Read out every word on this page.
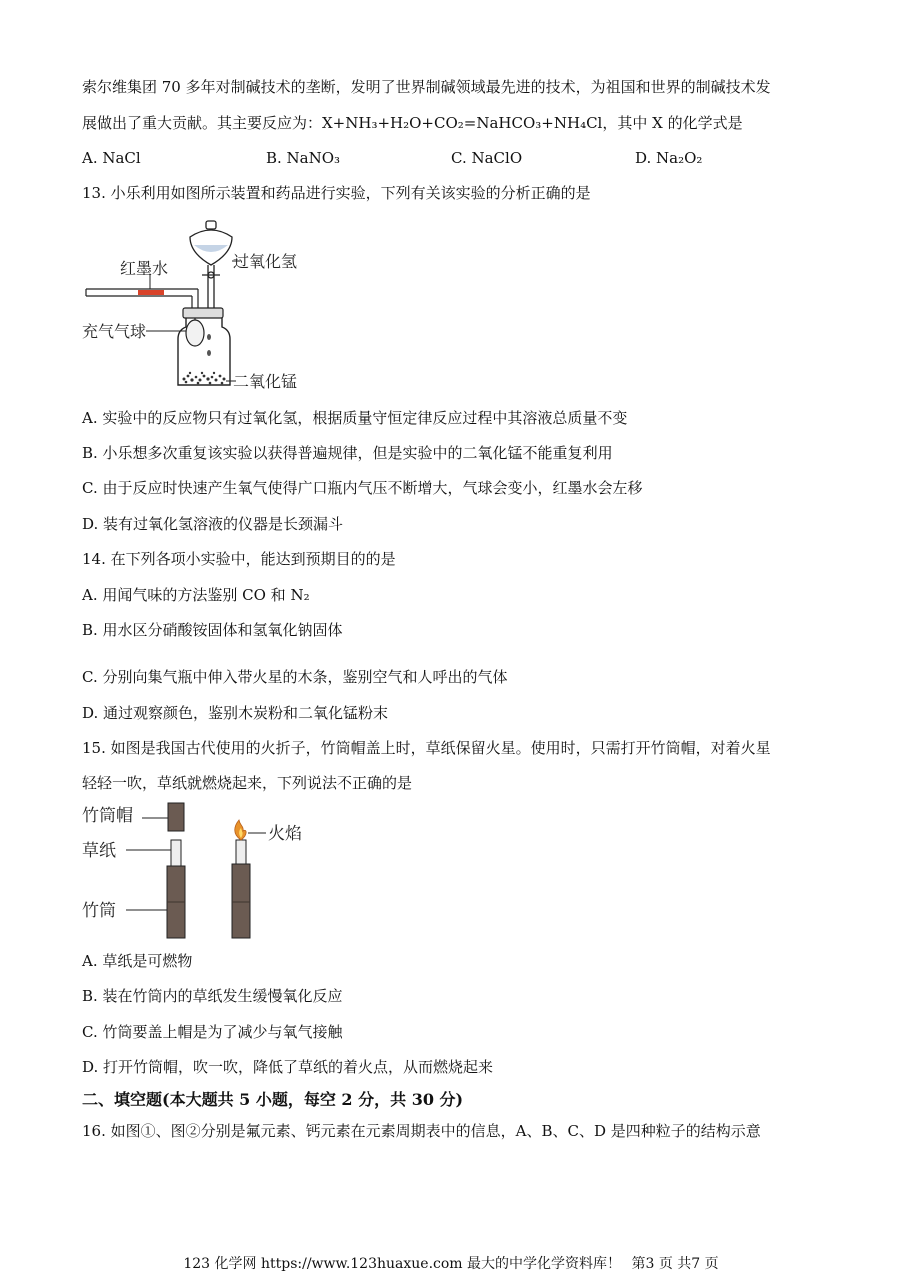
索尔维集团 70 多年对制碱技术的垄断，发明了世界制碱领域最先进的技术，为祖国和世界的制碱技术发
展做出了重大贡献。其主要反应为：X+NH₃+H₂O+CO₂=NaHCO₃+NH₄Cl，其中 X 的化学式是
A. NaCl	B. NaNO₃	C. NaClO	D. Na₂O₂
13. 小乐利用如图所示装置和药品进行实验，下列有关该实验的分析正确的是
红墨水	过氧化氢
充气气球
二氧化锰
A. 实验中的反应物只有过氧化氢，根据质量守恒定律反应过程中其溶液总质量不变
B. 小乐想多次重复该实验以获得普遍规律，但是实验中的二氧化锰不能重复利用
C. 由于反应时快速产生氧气使得广口瓶内气压不断增大，气球会变小，红墨水会左移
D. 装有过氧化氢溶液的仪器是长颈漏斗
14. 在下列各项小实验中，能达到预期目的的是
A. 用闻气味的方法鉴别 CO 和 N₂
B. 用水区分硝酸铵固体和氢氧化钠固体
C. 分别向集气瓶中伸入带火星的木条，鉴别空气和人呼出的气体
D. 通过观察颜色，鉴别木炭粉和二氧化锰粉末
15. 如图是我国古代使用的火折子，竹筒帽盖上时，草纸保留火星。使用时，只需打开竹筒帽，对着火星
轻轻一吹，草纸就燃烧起来，下列说法不正确的是
竹筒帽
草纸
竹筒
火焰
A. 草纸是可燃物
B. 装在竹筒内的草纸发生缓慢氧化反应
C. 竹筒要盖上帽是为了减少与氧气接触
D. 打开竹筒帽，吹一吹，降低了草纸的着火点，从而燃烧起来
二、填空题(本大题共 5 小题，每空 2 分，共 30 分)
16. 如图①、图②分别是氟元素、钙元素在元素周期表中的信息，A、B、C、D 是四种粒子的结构示意
123 化学网 https://www.123huaxue.com 最大的中学化学资料库！ 第3 页 共7 页
